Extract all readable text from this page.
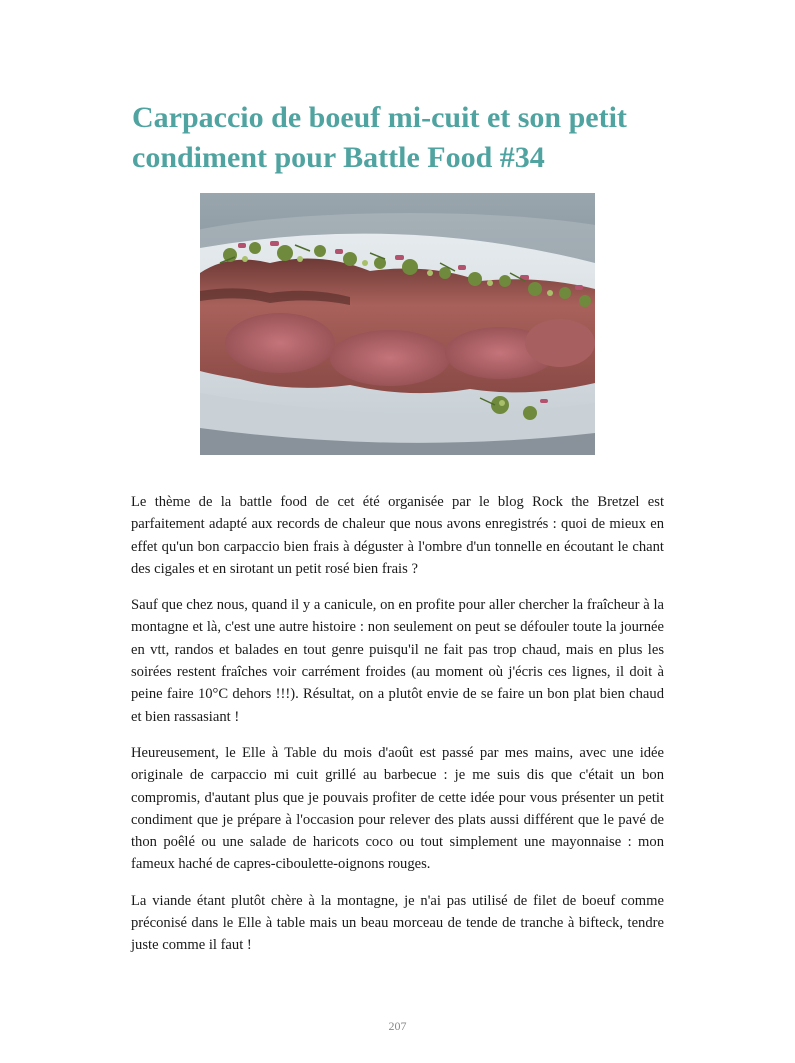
Carpaccio de boeuf mi-cuit et son petit condiment pour Battle Food #34

Le thème de la battle food de cet été organisée par le blog Rock the Bretzel est parfaitement adapté aux records de chaleur que nous avons enregistrés : quoi de mieux en effet qu'un bon carpaccio bien frais à déguster à l'ombre d'un tonnelle en écoutant le chant des cigales et en sirotant un petit rosé bien frais ?

Sauf que chez nous, quand il y a canicule, on en profite pour aller chercher la fraîcheur à la montagne et là, c'est une autre histoire : non seulement on peut se défouler toute la journée en vtt, randos et balades en tout genre puisqu'il ne fait pas trop chaud, mais en plus les soirées restent fraîches voir carrément froides (au moment où j'écris ces lignes, il doit à peine faire 10°C dehors !!!). Résultat, on a plutôt envie de se faire un bon plat bien chaud et bien rassasiant !

Heureusement, le Elle à Table du mois d'août est passé par mes mains, avec une idée originale de carpaccio mi cuit grillé au barbecue : je me suis dis que c'était un bon compromis, d'autant plus que je pouvais profiter de cette idée pour vous présenter un petit condiment que je prépare à l'occasion pour relever des plats aussi différent que le pavé de thon poêlé ou une salade de haricots coco ou tout simplement une mayonnaise : mon fameux haché de capres-ciboulette-oignons rouges.

La viande étant plutôt chère à la montagne, je n'ai pas utilisé de filet de boeuf comme préconisé dans le Elle à table mais un beau morceau de tende de tranche à bifteck, tendre juste comme il faut !

207
